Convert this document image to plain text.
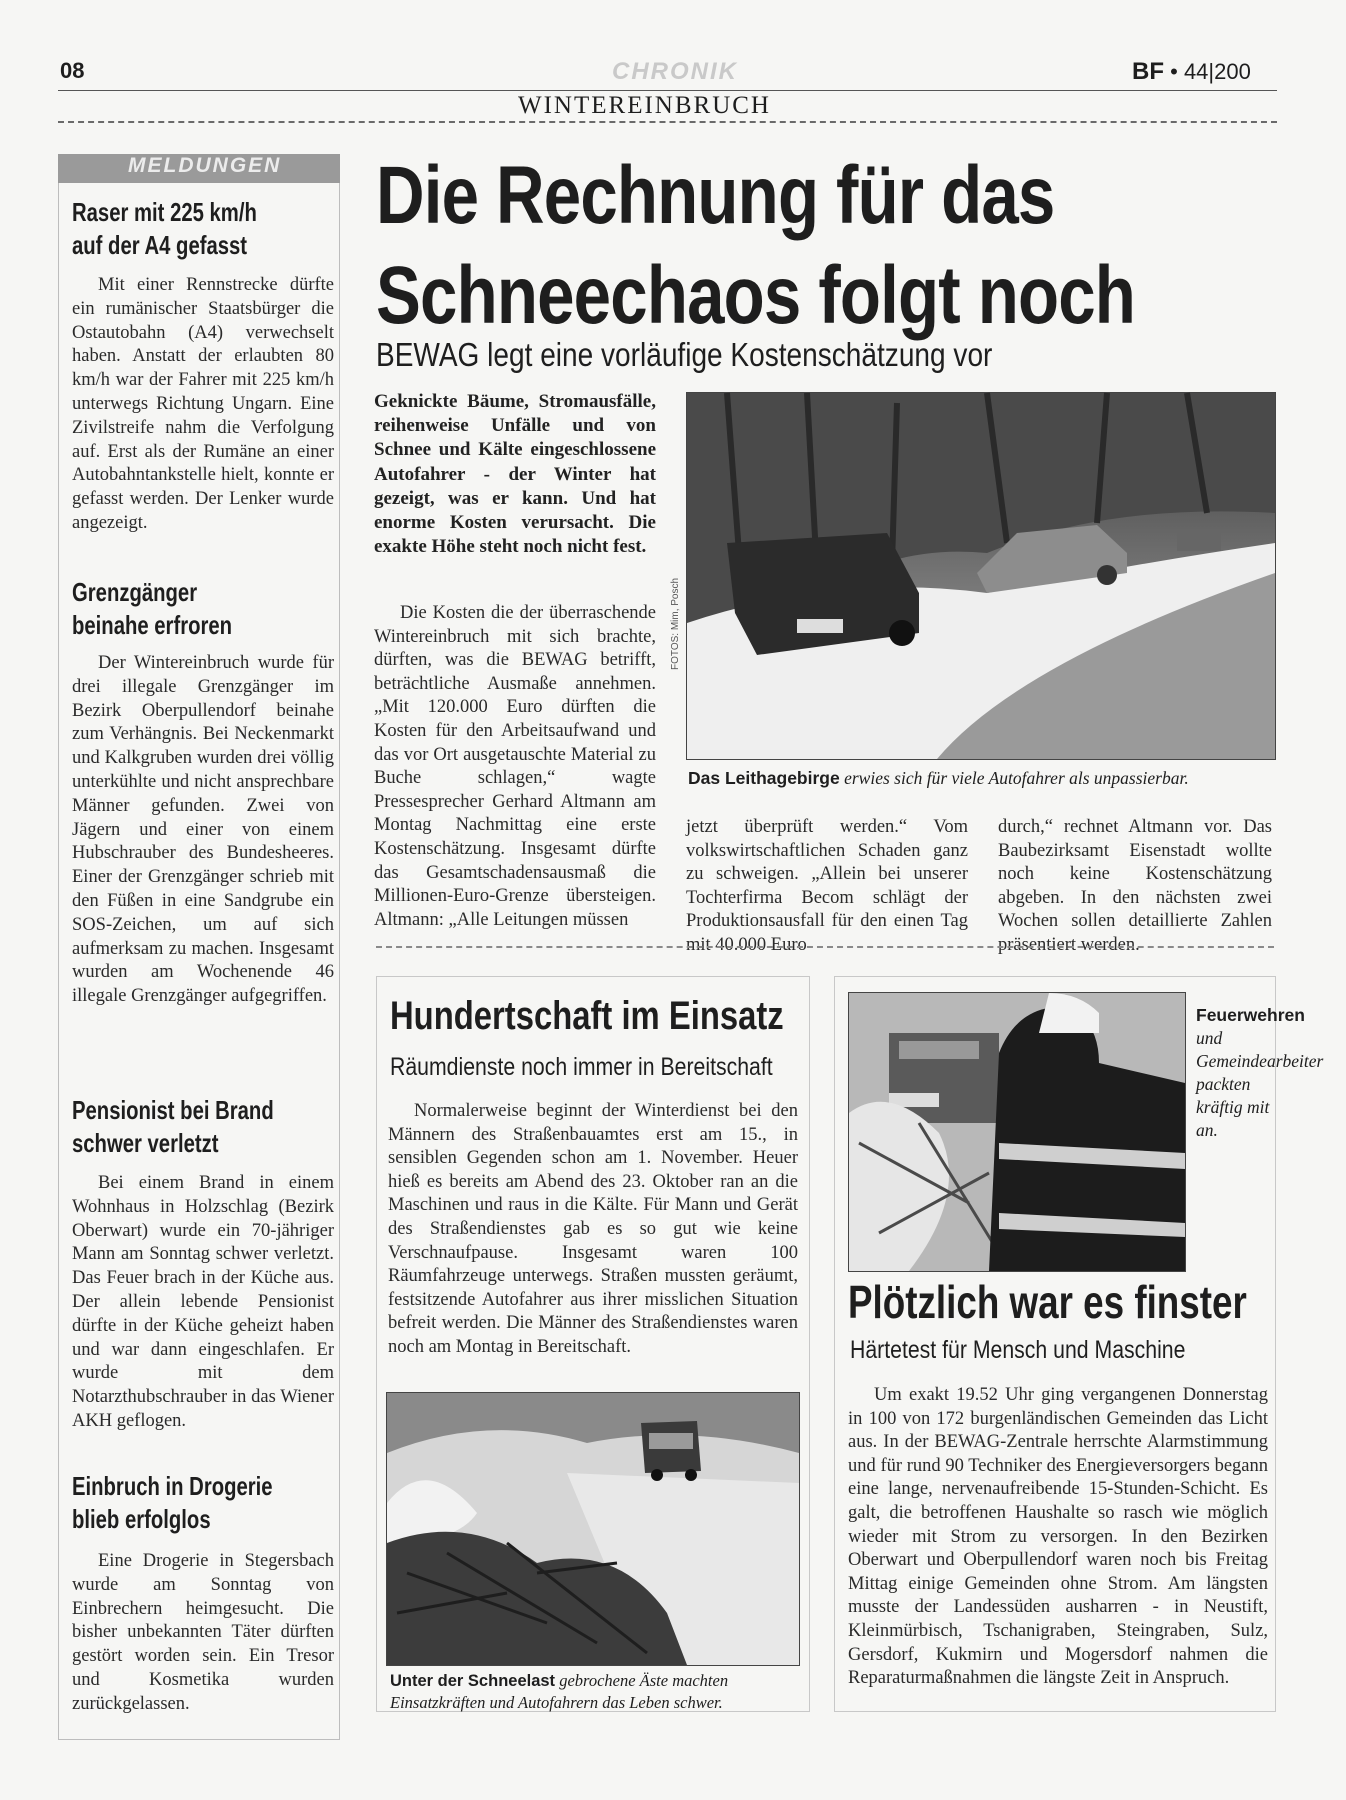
08	CHRONIK	BF • 44|200
WINTEREINBRUCH
MELDUNGEN
Raser mit 225 km/h
auf der A4 gefasst
Mit einer Rennstrecke dürfte ein rumänischer Staatsbürger die Ostautobahn (A4) verwechselt haben. Anstatt der erlaubten 80 km/h war der Fahrer mit 225 km/h unterwegs Richtung Ungarn. Eine Zivilstreife nahm die Verfolgung auf. Erst als der Rumäne an einer Autobahntankstelle hielt, konnte er gefasst werden. Der Lenker wurde angezeigt.
Grenzgänger
beinahe erfroren
Der Wintereinbruch wurde für drei illegale Grenzgänger im Bezirk Oberpullendorf beinahe zum Verhängnis. Bei Neckenmarkt und Kalkgruben wurden drei völlig unterkühlte und nicht ansprechbare Männer gefunden. Zwei von Jägern und einer von einem Hubschrauber des Bundesheeres. Einer der Grenzgänger schrieb mit den Füßen in eine Sandgrube ein SOS-Zeichen, um auf sich aufmerksam zu machen. Insgesamt wurden am Wochenende 46 illegale Grenzgänger aufgegriffen.
Pensionist bei Brand
schwer verletzt
Bei einem Brand in einem Wohnhaus in Holzschlag (Bezirk Oberwart) wurde ein 70-jähriger Mann am Sonntag schwer verletzt. Das Feuer brach in der Küche aus. Der allein lebende Pensionist dürfte in der Küche geheizt haben und war dann eingeschlafen. Er wurde mit dem Notarzthubschrauber in das Wiener AKH geflogen.
Einbruch in Drogerie
blieb erfolglos
Eine Drogerie in Stegersbach wurde am Sonntag von Einbrechern heimgesucht. Die bisher unbekannten Täter dürften gestört worden sein. Ein Tresor und Kosmetika wurden zurückgelassen.
Die Rechnung für das
Schneechaos folgt noch
BEWAG legt eine vorläufige Kostenschätzung vor
Geknickte Bäume, Stromausfälle, reihenweise Unfälle und von Schnee und Kälte eingeschlossene Autofahrer - der Winter hat gezeigt, was er kann. Und hat enorme Kosten verursacht. Die exakte Höhe steht noch nicht fest.
Die Kosten die der überraschende Wintereinbruch mit sich brachte, dürften, was die BEWAG betrifft, beträchtliche Ausmaße annehmen. „Mit 120.000 Euro dürften die Kosten für den Arbeitsaufwand und das vor Ort ausgetauschte Material zu Buche schlagen,“ wagte Pressesprecher Gerhard Altmann am Montag Nachmittag eine erste Kostenschätzung. Insgesamt dürfte das Gesamtschadensausmaß die Millionen-Euro-Grenze übersteigen. Altmann: „Alle Leitungen müssen
FOTOS: Mim, Posch
Das Leithagebirge erwies sich für viele Autofahrer als unpassierbar.
jetzt überprüft werden.“ Vom volkswirtschaftlichen Schaden ganz zu schweigen. „Allein bei unserer Tochterfirma Becom schlägt der Produktionsausfall für den einen Tag mit 40.000 Euro
durch,“ rechnet Altmann vor. Das Baubezirksamt Eisenstadt wollte noch keine Kostenschätzung abgeben. In den nächsten zwei Wochen sollen detaillierte Zahlen präsentiert werden.
Hundertschaft im Einsatz
Räumdienste noch immer in Bereitschaft
Normalerweise beginnt der Winterdienst bei den Männern des Straßenbauamtes erst am 15., in sensiblen Gegenden schon am 1. November. Heuer hieß es bereits am Abend des 23. Oktober ran an die Maschinen und raus in die Kälte. Für Mann und Gerät des Straßendienstes gab es so gut wie keine Verschnaufpause. Insgesamt waren 100 Räumfahrzeuge unterwegs. Straßen mussten geräumt, festsitzende Autofahrer aus ihrer misslichen Situation befreit werden. Die Männer des Straßendienstes waren noch am Montag in Bereitschaft.
Unter der Schneelast gebrochene Äste machten Einsatzkräften und Autofahrern das Leben schwer.
Feuerwehren
und Gemeindearbeiter packten kräftig mit an.
Plötzlich war es finster
Härtetest für Mensch und Maschine
Um exakt 19.52 Uhr ging vergangenen Donnerstag in 100 von 172 burgenländischen Gemeinden das Licht aus. In der BEWAG-Zentrale herrschte Alarmstimmung und für rund 90 Techniker des Energieversorgers begann eine lange, nervenaufreibende 15-Stunden-Schicht. Es galt, die betroffenen Haushalte so rasch wie möglich wieder mit Strom zu versorgen. In den Bezirken Oberwart und Oberpullendorf waren noch bis Freitag Mittag einige Gemeinden ohne Strom. Am längsten musste der Landessüden ausharren - in Neustift, Kleinmürbisch, Tschanigraben, Steingraben, Sulz, Gersdorf, Kukmirn und Mogersdorf nahmen die Reparaturmaßnahmen die längste Zeit in Anspruch.
